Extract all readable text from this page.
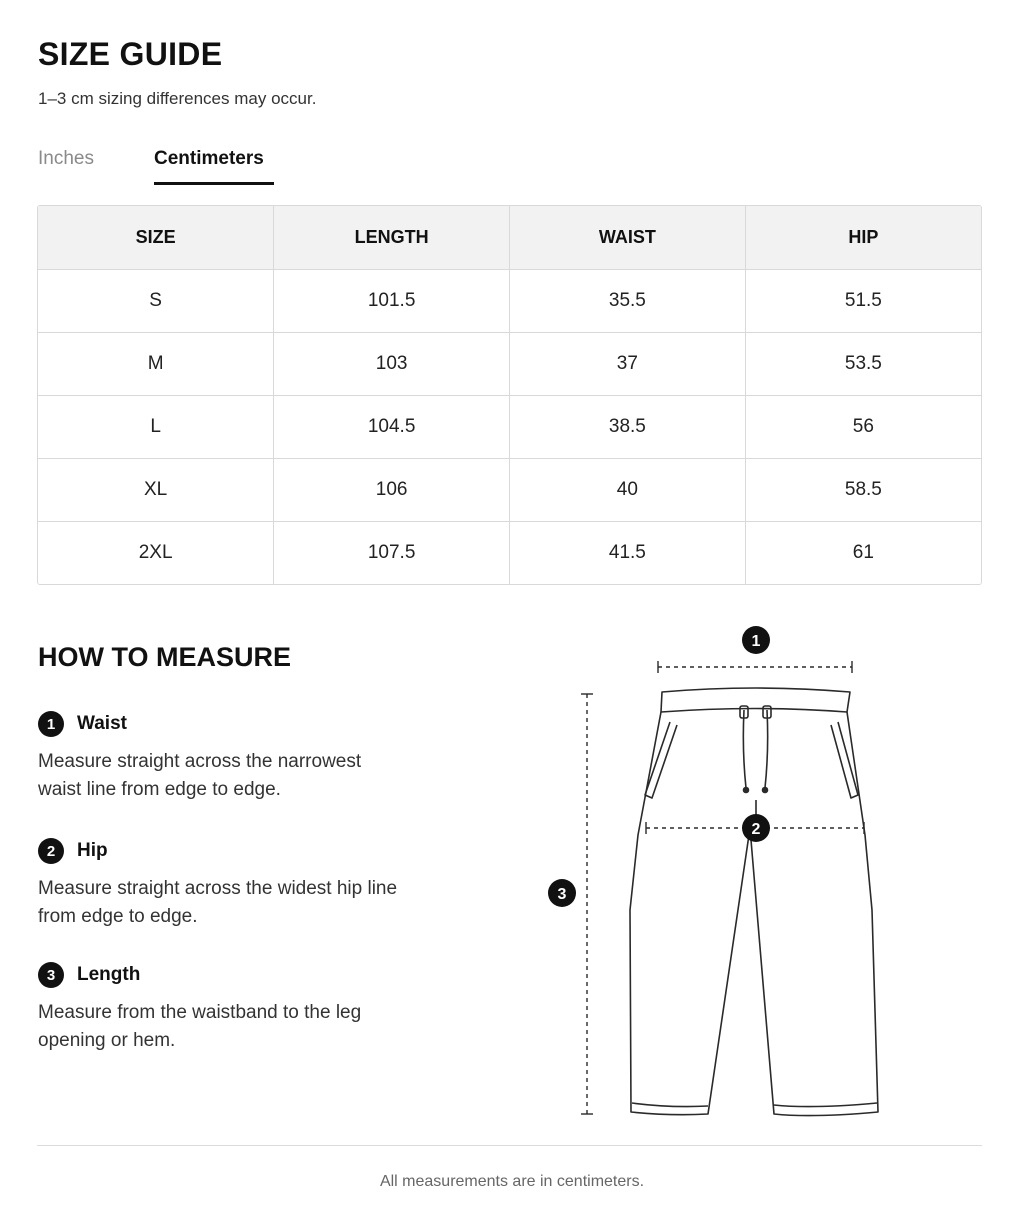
SIZE GUIDE

1–3 cm sizing differences may occur.

Inches	Centimeters
SIZE	LENGTH	WAIST	HIP
S	101.5	35.5	51.5
M	103	37	53.5
L	104.5	38.5	56
XL	106	40	58.5
2XL	107.5	41.5	61
HOW TO MEASURE
1	Waist

Measure straight across the narrowest waist line from edge to edge.

2	Hip

Measure straight across the widest hip line from edge to edge.

3	Length

Measure from the waistband to the leg opening or hem.

1
2
3

All measurements are in centimeters.
